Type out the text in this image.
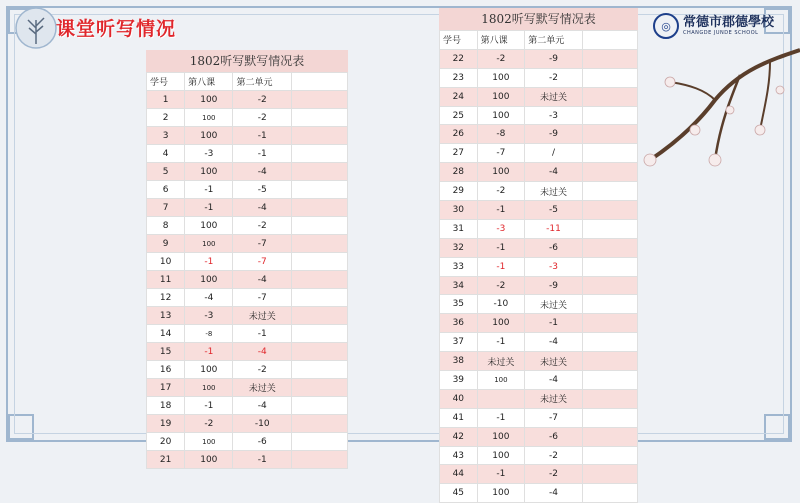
课堂听写情况	◎ 常德市郡德學校
CHANGDE JUNDE SCHOOL
1802听写默写情况表
学号	第八课	第二单元	
1	100	-2	
2	100	-2	
3	100	-1	
4	-3	-1	
5	100	-4	
6	-1	-5	
7	-1	-4	
8	100	-2	
9	100	-7	
10	-1	-7	
11	100	-4	
12	-4	-7	
13	-3	未过关	
14	-8	-1	
15	-1	-4	
16	100	-2	
17	100	未过关	
18	-1	-4	
19	-2	-10	
20	100	-6	
21	100	-1	
1802听写默写情况表
学号	第八课	第二单元	
22	-2	-9	
23	100	-2	
24	100	未过关	
25	100	-3	
26	-8	-9	
27	-7	/	
28	100	-4	
29	-2	未过关	
30	-1	-5	
31	-3	-11	
32	-1	-6	
33	-1	-3	
34	-2	-9	
35	-10	未过关	
36	100	-1	
37	-1	-4	
38	未过关	未过关	
39	100	-4	
40		未过关	
41	-1	-7	
42	100	-6	
43	100	-2	
44	-1	-2	
45	100	-4	
